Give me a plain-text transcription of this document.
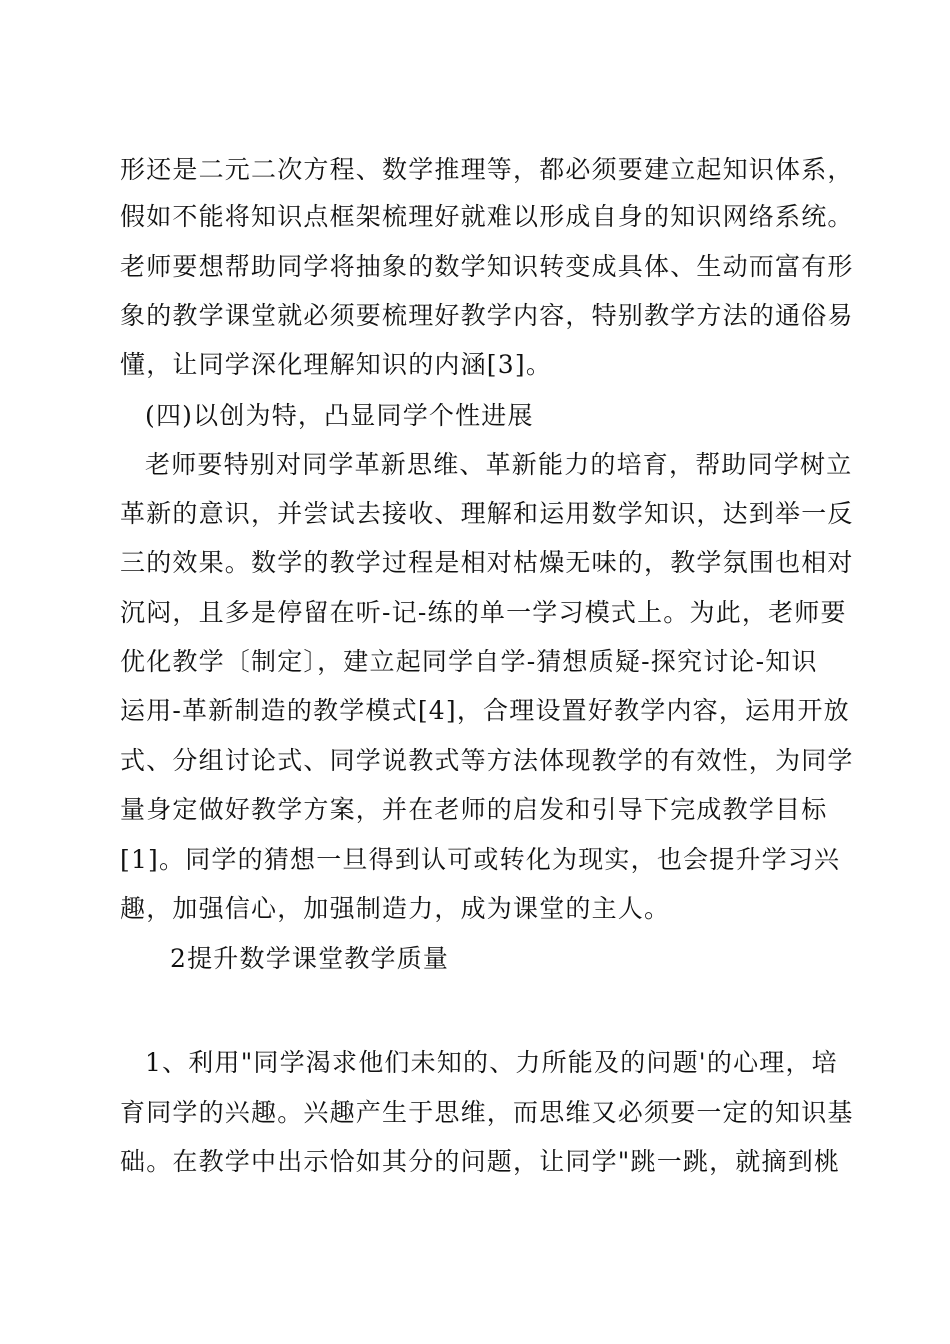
形还是二元二次方程、数学推理等，都必须要建立起知识体系，
假如不能将知识点框架梳理好就难以形成自身的知识网络系统。
老师要想帮助同学将抽象的数学知识转变成具体、生动而富有形
象的教学课堂就必须要梳理好教学内容，特别教学方法的通俗易
懂，让同学深化理解知识的内涵[3]。
(四)以创为特，凸显同学个性进展
老师要特别对同学革新思维、革新能力的培育，帮助同学树立
革新的意识，并尝试去接收、理解和运用数学知识，达到举一反
三的效果。数学的教学过程是相对枯燥无味的，教学氛围也相对
沉闷，且多是停留在听-记-练的单一学习模式上。为此，老师要
优化教学〔制定〕，建立起同学自学-猜想质疑-探究讨论-知识
运用-革新制造的教学模式[4]，合理设置好教学内容，运用开放
式、分组讨论式、同学说教式等方法体现教学的有效性，为同学
量身定做好教学方案，并在老师的启发和引导下完成教学目标
[1]。同学的猜想一旦得到认可或转化为现实，也会提升学习兴
趣，加强信心，加强制造力，成为课堂的主人。
2提升数学课堂教学质量
1、利用"同学渴求他们未知的、力所能及的问题'的心理，培
育同学的兴趣。兴趣产生于思维，而思维又必须要一定的知识基
础。在教学中出示恰如其分的问题，让同学"跳一跳，就摘到桃
